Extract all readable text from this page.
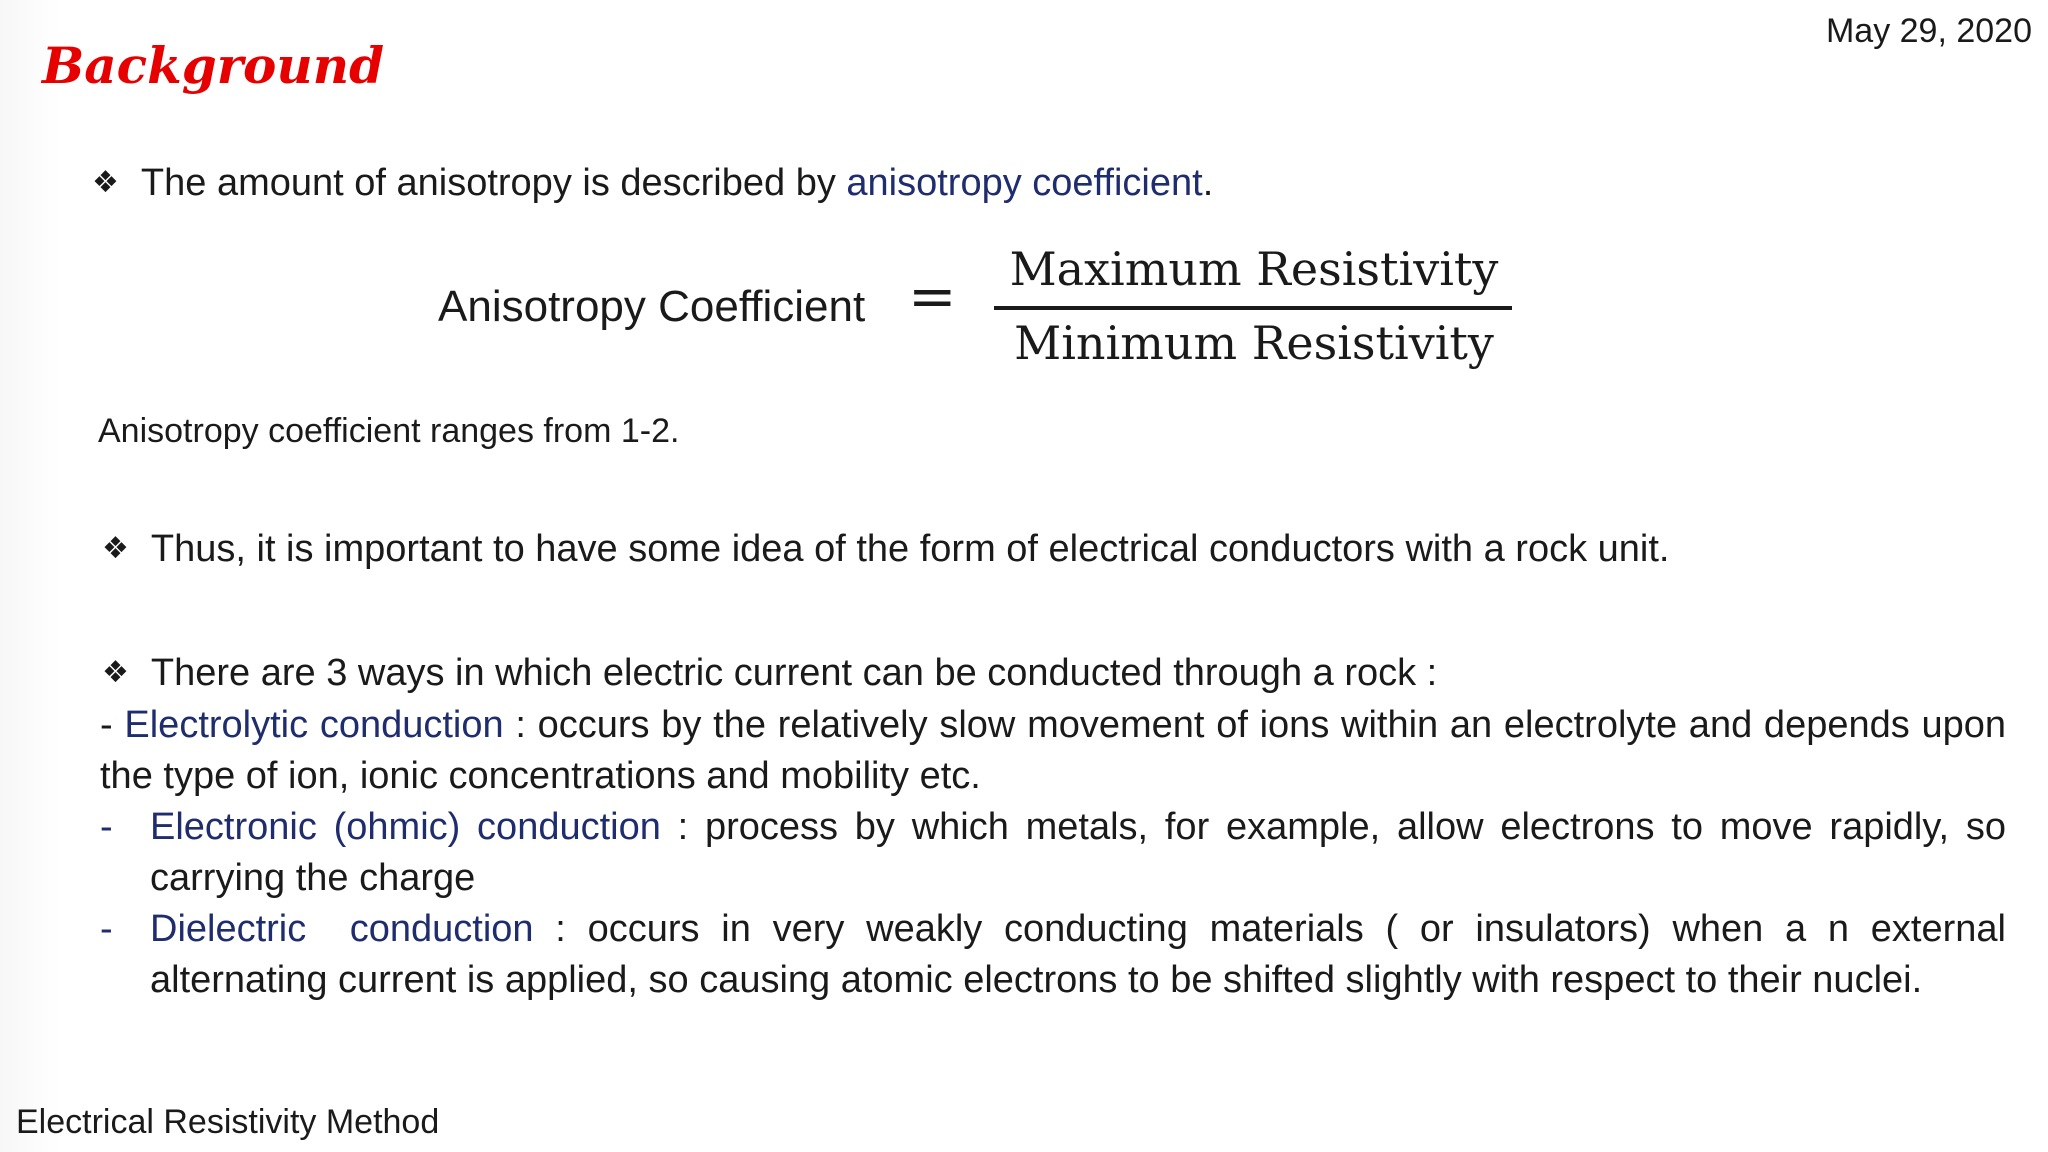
May 29, 2020
Background
❖ The amount of anisotropy is described by anisotropy coefficient.
Anisotropy Coefficient =	Maximum Resistivity
Minimum Resistivity
Anisotropy coefficient ranges from 1-2.
❖ Thus, it is important to have some idea of the form of electrical conductors with a rock unit.
❖ There are 3 ways in which electric current can be conducted through a rock :
- Electrolytic conduction : occurs by the relatively slow movement of ions within an electrolyte and depends upon the type of ion, ionic concentrations and mobility etc.
- Electronic (ohmic) conduction : process by which metals, for example, allow electrons to move rapidly, so carrying the charge
- Dielectric  conduction : occurs in very weakly conducting materials ( or insulators) when a n external alternating current is applied, so causing atomic electrons to be shifted slightly with respect to their nuclei.
Electrical Resistivity Method
